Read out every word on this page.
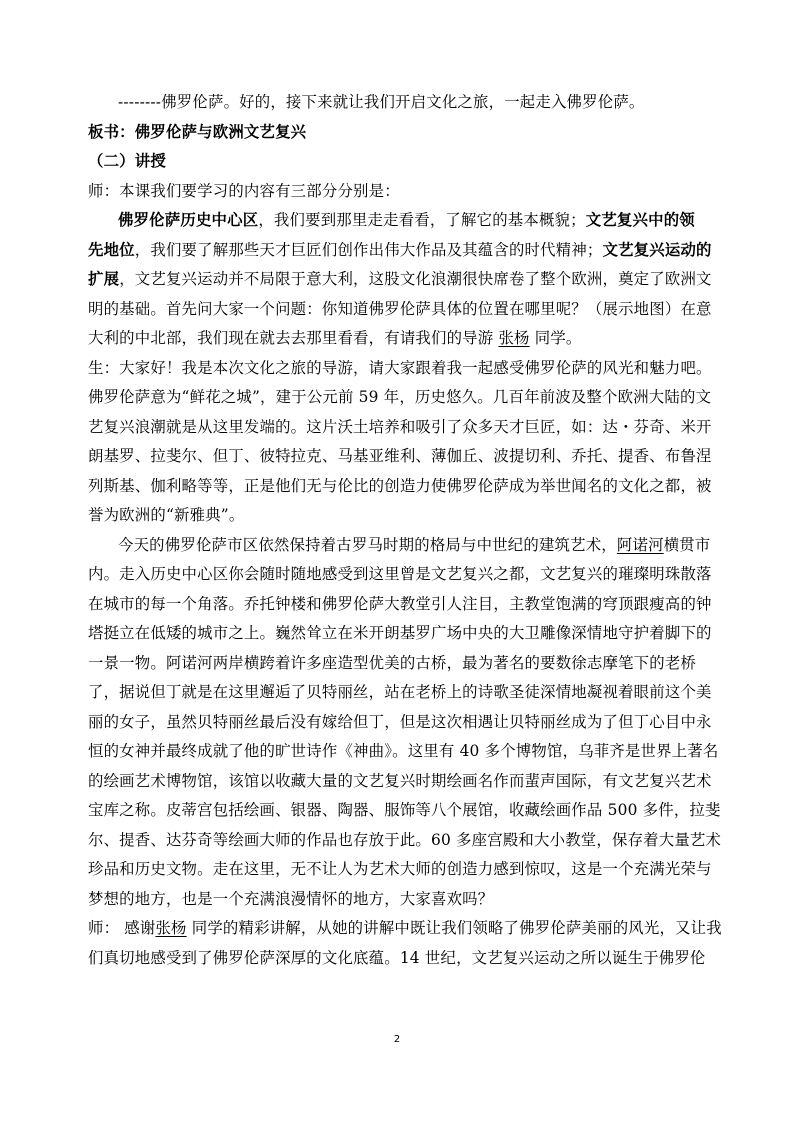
--------佛罗伦萨。好的，接下来就让我们开启文化之旅，一起走入佛罗伦萨。
板书：佛罗伦萨与欧洲文艺复兴
（二）讲授
师：本课我们要学习的内容有三部分分别是：
佛罗伦萨历史中心区，我们要到那里走走看看，了解它的基本概貌；文艺复兴中的领
先地位，我们要了解那些天才巨匠们创作出伟大作品及其蕴含的时代精神；文艺复兴运动的
扩展，文艺复兴运动并不局限于意大利，这股文化浪潮很快席卷了整个欧洲，奠定了欧洲文
明的基础。首先问大家一个问题：你知道佛罗伦萨具体的位置在哪里呢？（展示地图）在意
大利的中北部，我们现在就去去那里看看，有请我们的导游 张杨 同学。
生：大家好！我是本次文化之旅的导游，请大家跟着我一起感受佛罗伦萨的风光和魅力吧。
佛罗伦萨意为“鲜花之城”，建于公元前 59 年，历史悠久。几百年前波及整个欧洲大陆的文
艺复兴浪潮就是从这里发端的。这片沃土培养和吸引了众多天才巨匠，如：达・芬奇、米开
朗基罗、拉斐尔、但丁、彼特拉克、马基亚维利、薄伽丘、波提切利、乔托、提香、布鲁涅
列斯基、伽利略等等，正是他们无与伦比的创造力使佛罗伦萨成为举世闻名的文化之都，被
誉为欧洲的“新雅典”。
今天的佛罗伦萨市区依然保持着古罗马时期的格局与中世纪的建筑艺术，阿诺河横贯市
内。走入历史中心区你会随时随地感受到这里曾是文艺复兴之都，文艺复兴的璀璨明珠散落
在城市的每一个角落。乔托钟楼和佛罗伦萨大教堂引人注目，主教堂饱满的穹顶跟瘦高的钟
塔挺立在低矮的城市之上。巍然耸立在米开朗基罗广场中央的大卫雕像深情地守护着脚下的
一景一物。阿诺河两岸横跨着许多座造型优美的古桥，最为著名的要数徐志摩笔下的老桥
了，据说但丁就是在这里邂逅了贝特丽丝，站在老桥上的诗歌圣徒深情地凝视着眼前这个美
丽的女子，虽然贝特丽丝最后没有嫁给但丁，但是这次相遇让贝特丽丝成为了但丁心目中永
恒的女神并最终成就了他的旷世诗作《神曲》。这里有 40 多个博物馆，乌菲齐是世界上著名
的绘画艺术博物馆，该馆以收藏大量的文艺复兴时期绘画名作而蜚声国际，有文艺复兴艺术
宝库之称。皮蒂宫包括绘画、银器、陶器、服饰等八个展馆，收藏绘画作品 500 多件，拉斐
尔、提香、达芬奇等绘画大师的作品也存放于此。60 多座宫殿和大小教堂，保存着大量艺术
珍品和历史文物。走在这里，无不让人为艺术大师的创造力感到惊叹，这是一个充满光荣与
梦想的地方，也是一个充满浪漫情怀的地方，大家喜欢吗？
师： 感谢张杨 同学的精彩讲解，从她的讲解中既让我们领略了佛罗伦萨美丽的风光，又让我
们真切地感受到了佛罗伦萨深厚的文化底蕴。14 世纪，文艺复兴运动之所以诞生于佛罗伦
2
